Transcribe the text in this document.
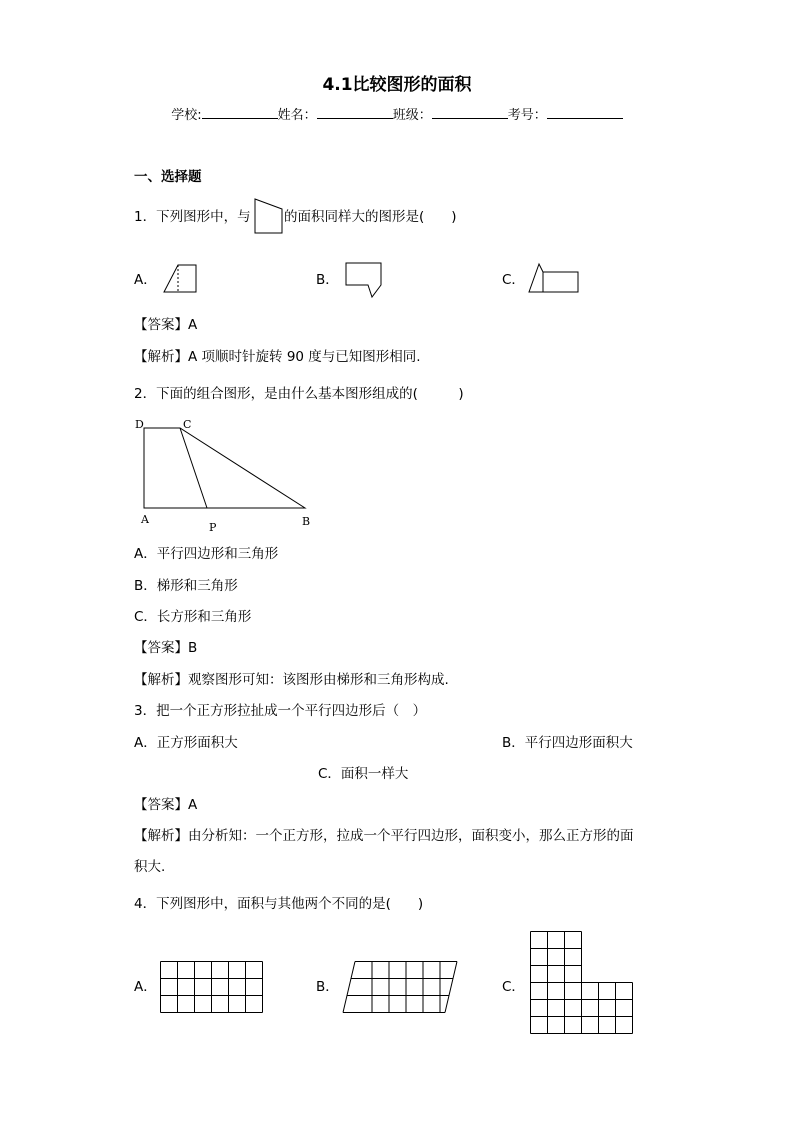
4.1比较图形的面积
学校:	姓名：	班级：	考号：
一、选择题
1．下列图形中，与 的面积同样大的图形是(　　)
A．	B．	C．
【答案】A
【解析】A 项顺时针旋转 90 度与已知图形相同.
2．下面的组合图形，是由什么基本图形组成的(　　　)
D	C
A
P	B
A．平行四边形和三角形
B．梯形和三角形
C．长方形和三角形
【答案】B
【解析】观察图形可知：该图形由梯形和三角形构成.
3．把一个正方形拉扯成一个平行四边形后（　）
A．正方形面积大	B．平行四边形面积大
C．面积一样大
【答案】A
【解析】由分析知：一个正方形，拉成一个平行四边形，面积变小，那么正方形的面
积大.
4．下列图形中，面积与其他两个不同的是(　　)
A．	B．	C．
